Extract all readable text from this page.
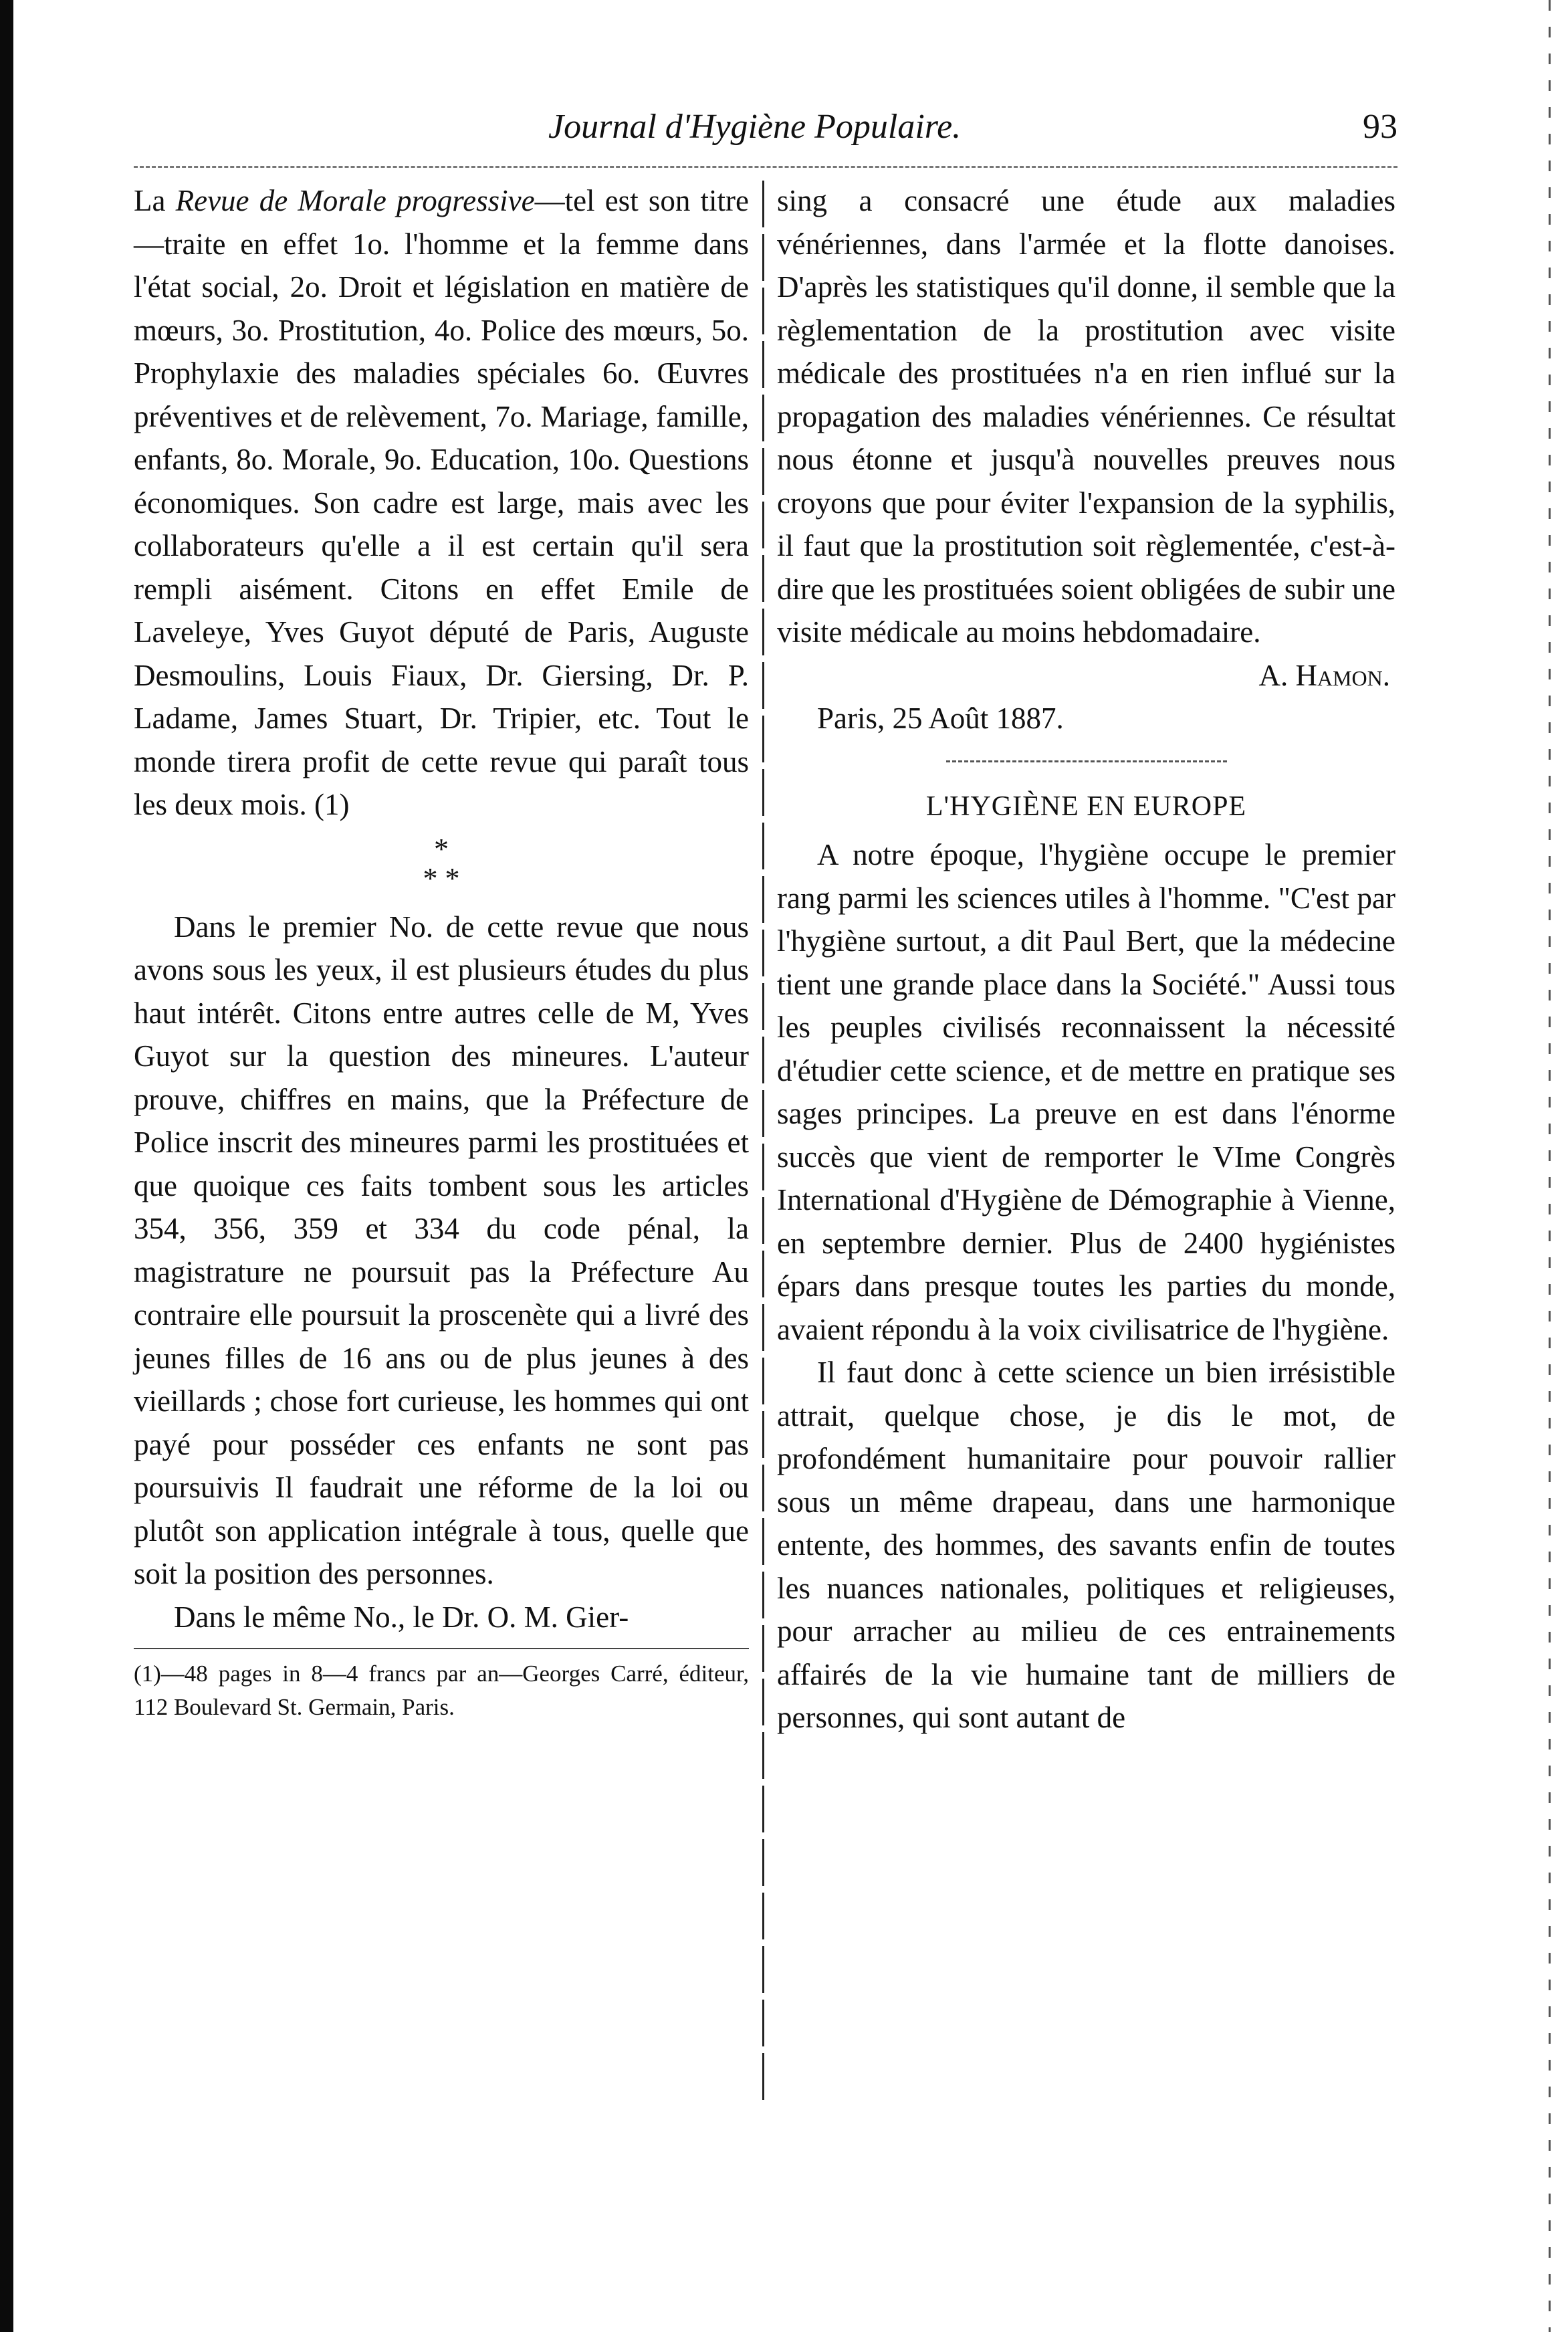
Journal d'Hygiène Populaire.	93

La Revue de Morale progressive—tel est son titre—traite en effet 1o. l'homme et la femme dans l'état social, 2o. Droit et législation en matière de mœurs, 3o. Prostitution, 4o. Police des mœurs, 5o. Prophylaxie des maladies spéciales 6o. Œuvres préventives et de relèvement, 7o. Mariage, famille, enfants, 8o. Morale, 9o. Education, 10o. Questions économiques. Son cadre est large, mais avec les collaborateurs qu'elle a il est certain qu'il sera rempli aisément. Citons en effet Emile de Laveleye, Yves Guyot député de Paris, Auguste Desmoulins, Louis Fiaux, Dr. Giersing, Dr. P. Ladame, James Stuart, Dr. Tripier, etc. Tout le monde tirera profit de cette revue qui paraît tous les deux mois. (1)

*
* *

Dans le premier No. de cette revue que nous avons sous les yeux, il est plusieurs études du plus haut intérêt. Citons entre autres celle de M, Yves Guyot sur la question des mineures. L'auteur prouve, chiffres en mains, que la Préfecture de Police inscrit des mineures parmi les prostituées et que quoique ces faits tombent sous les articles 354, 356, 359 et 334 du code pénal, la magistrature ne poursuit pas la Préfecture Au contraire elle poursuit la proscenète qui a livré des jeunes filles de 16 ans ou de plus jeunes à des vieillards ; chose fort curieuse, les hommes qui ont payé pour posséder ces enfants ne sont pas poursuivis Il faudrait une réforme de la loi ou plutôt son application intégrale à tous, quelle que soit la position des personnes.

Dans le même No., le Dr. O. M. Gier-

(1)—48 pages in 8—4 francs par an—Georges Carré, éditeur, 112 Boulevard St. Germain, Paris.

sing a consacré une étude aux maladies vénériennes, dans l'armée et la flotte danoises. D'après les statistiques qu'il donne, il semble que la règlementation de la prostitution avec visite médicale des prostituées n'a en rien influé sur la propagation des maladies vénériennes. Ce résultat nous étonne et jusqu'à nouvelles preuves nous croyons que pour éviter l'expansion de la syphilis, il faut que la prostitution soit règlementée, c'est-à-dire que les prostituées soient obligées de subir une visite médicale au moins hebdomadaire.

A. Hamon.

Paris, 25 Août 1887.

L'HYGIÈNE EN EUROPE

A notre époque, l'hygiène occupe le premier rang parmi les sciences utiles à l'homme. "C'est par l'hygiène surtout, a dit Paul Bert, que la médecine tient une grande place dans la Société." Aussi tous les peuples civilisés reconnaissent la nécessité d'étudier cette science, et de mettre en pratique ses sages principes. La preuve en est dans l'énorme succès que vient de remporter le VIme Congrès International d'Hygiène de Démographie à Vienne, en septembre dernier. Plus de 2400 hygiénistes épars dans presque toutes les parties du monde, avaient répondu à la voix civilisatrice de l'hygiène.

Il faut donc à cette science un bien irrésistible attrait, quelque chose, je dis le mot, de profondément humanitaire pour pouvoir rallier sous un même drapeau, dans une harmonique entente, des hommes, des savants enfin de toutes les nuances nationales, politiques et religieuses, pour arracher au milieu de ces entrainements affairés de la vie humaine tant de milliers de personnes, qui sont autant de
